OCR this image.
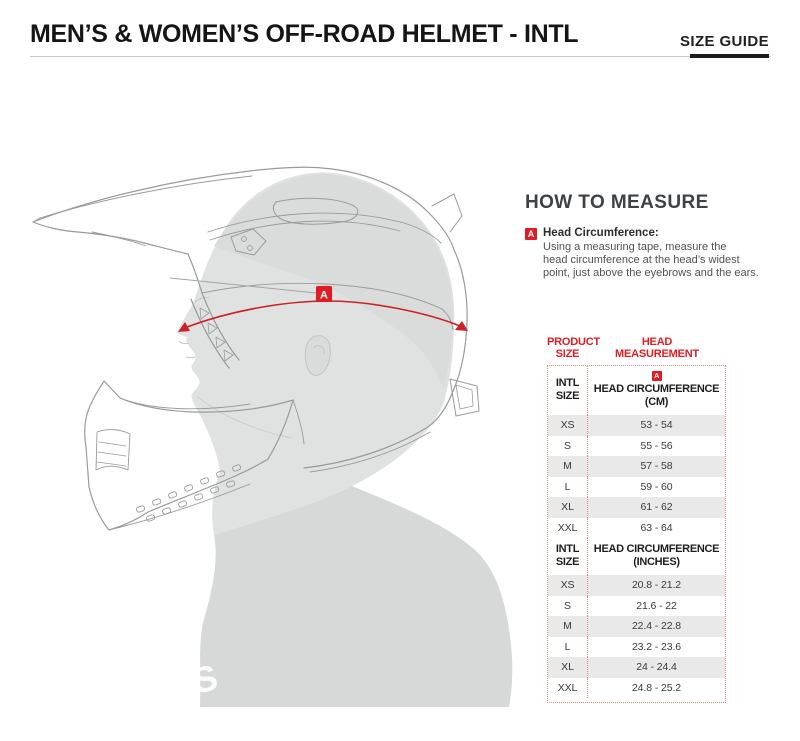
MEN’S & WOMEN’S OFF-ROAD HELMET - INTL	SIZE GUIDE
S
A
HOW TO MEASURE
A Head Circumference:
Using a measuring tape, measure the
head circumference at the head’s widest
point, just above the eyebrows and the ears.
PRODUCT
SIZE
HEAD
MEASUREMENT
INTL
SIZE
A
HEAD CIRCUMFERENCE
(CM)
XS	53 - 54
S	55 - 56
M	57 - 58
L	59 - 60
XL	61 - 62
XXL	63 - 64
INTL
SIZE
HEAD CIRCUMFERENCE
(INCHES)
XS	20.8 - 21.2
S	21.6 - 22
M	22.4 - 22.8
L	23.2 - 23.6
XL	24 - 24.4
XXL	24.8 - 25.2
